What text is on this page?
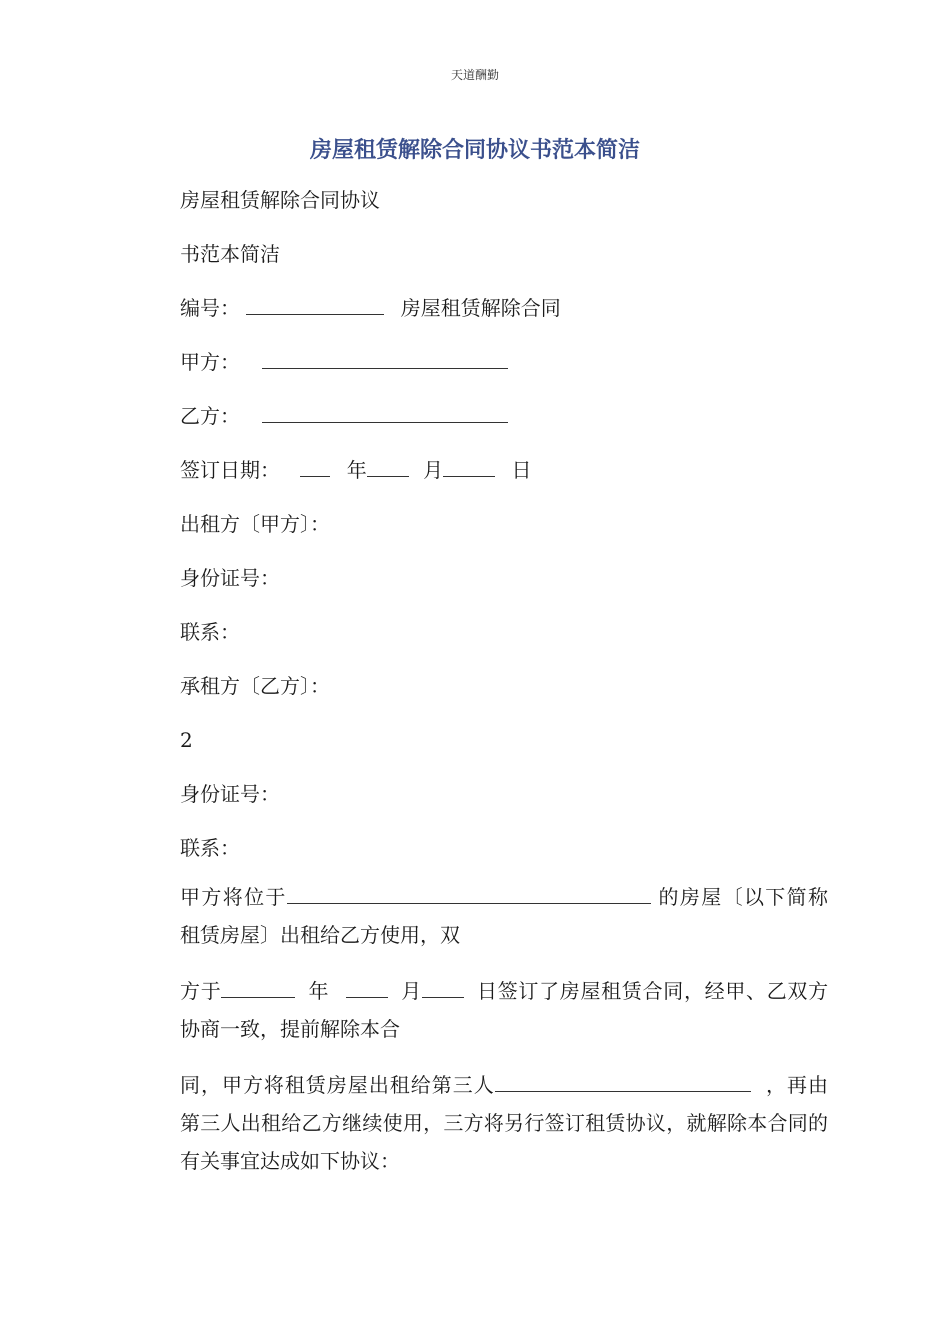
天道酬勤
房屋租赁解除合同协议书范本简洁
房屋租赁解除合同协议
书范本简洁
编号：	房屋租赁解除合同
甲方：
乙方：
签订日期：	年	月	日
出租方〔甲方〕：
身份证号：
联系：
承租方〔乙方〕：
2
身份证号：
联系：
甲方将位于	的房屋〔以下简称租赁房屋〕出租给乙方使用，双
方于	年	月	日签订了房屋租赁合同，经甲、乙双方协商一致，提前解除本合
同，甲方将租赁房屋出租给第三人	，再由第三人出租给乙方继续使用，三方将另行签订租赁协议，就解除本合同的有关事宜达成如下协议：
